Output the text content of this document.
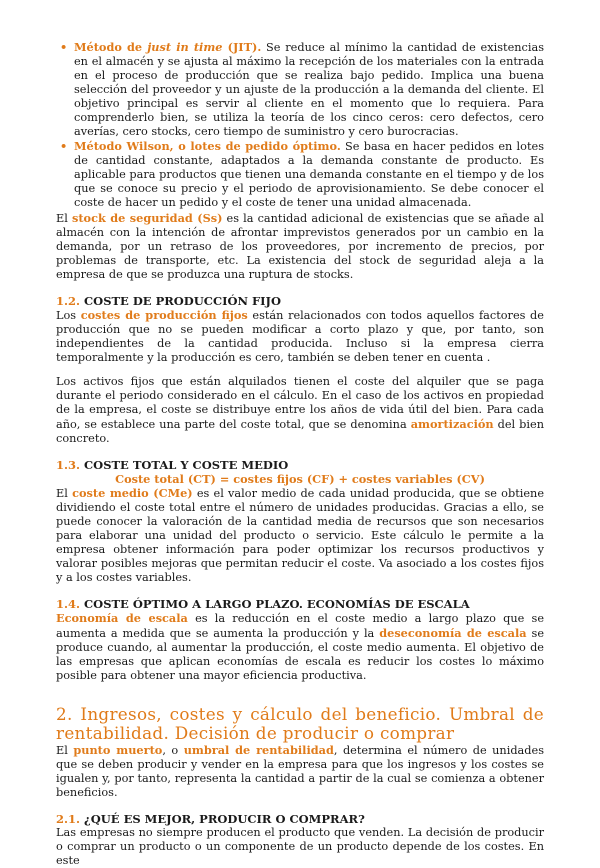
• Método de just in time (JIT). Se reduce al mínimo la cantidad de existencias en el almacén y se ajusta al máximo la recepción de los materiales con la entrada en el proceso de producción que se realiza bajo pedido. Implica una buena selección del proveedor y un ajuste de la producción a la demanda del cliente. El objetivo principal es servir al cliente en el momento que lo requiera. Para comprenderlo bien, se utiliza la teoría de los cinco ceros: cero defectos, cero averías, cero stocks, cero tiempo de suministro y cero burocracias.
• Método Wilson, o lotes de pedido óptimo. Se basa en hacer pedidos en lotes de cantidad constante, adaptados a la demanda constante de producto. Es aplicable para productos que tienen una demanda constante en el tiempo y de los que se conoce su precio y el periodo de aprovisionamiento. Se debe conocer el coste de hacer un pedido y el coste de tener una unidad almacenada.

El stock de seguridad (Ss) es la cantidad adicional de existencias que se añade al almacén con la intención de afrontar imprevistos generados por un cambio en la demanda, por un retraso de los proveedores, por incremento de precios, por problemas de transporte, etc. La existencia del stock de seguridad aleja a la empresa de que se produzca una ruptura de stocks.

1.2. COSTE DE PRODUCCIÓN FIJO

Los costes de producción fijos están relacionados con todos aquellos factores de producción que no se pueden modificar a corto plazo y que, por tanto, son independientes de la cantidad producida. Incluso si la empresa cierra temporalmente y la producción es cero, también se deben tener en cuenta .

Los activos fijos que están alquilados tienen el coste del alquiler que se paga durante el periodo considerado en el cálculo. En el caso de los activos en propiedad de la empresa, el coste se distribuye entre los años de vida útil del bien. Para cada año, se establece una parte del coste total, que se denomina amortización del bien concreto.

1.3. COSTE TOTAL Y COSTE MEDIO
Coste total (CT) = costes fijos (CF) + costes variables (CV)

El coste medio (CMe) es el valor medio de cada unidad producida, que se obtiene dividiendo el coste total entre el número de unidades producidas. Gracias a ello, se puede conocer la valoración de la cantidad media de recursos que son necesarios para elaborar una unidad del producto o servicio. Este cálculo le permite a la empresa obtener información para poder optimizar los recursos productivos y valorar posibles mejoras que permitan reducir el coste. Va asociado a los costes fijos y a los costes variables.

1.4. COSTE ÓPTIMO A LARGO PLAZO. ECONOMÍAS DE ESCALA

Economía de escala es la reducción en el coste medio a largo plazo que se aumenta a medida que se aumenta la producción y la deseconomía de escala se produce cuando, al aumentar la producción, el coste medio aumenta. El objetivo de las empresas que aplican economías de escala es reducir los costes lo máximo posible para obtener una mayor eficiencia productiva.

2. Ingresos, costes y cálculo del beneficio. Umbral de rentabilidad. Decisión de producir o comprar

El punto muerto, o umbral de rentabilidad, determina el número de unidades que se deben producir y vender en la empresa para que los ingresos y los costes se igualen y, por tanto, representa la cantidad a partir de la cual se comienza a obtener beneficios.

2.1. ¿QUÉ ES MEJOR, PRODUCIR O COMPRAR?

Las empresas no siempre producen el producto que venden. La decisión de producir o comprar un producto o un componente de un producto depende de los costes. En este
